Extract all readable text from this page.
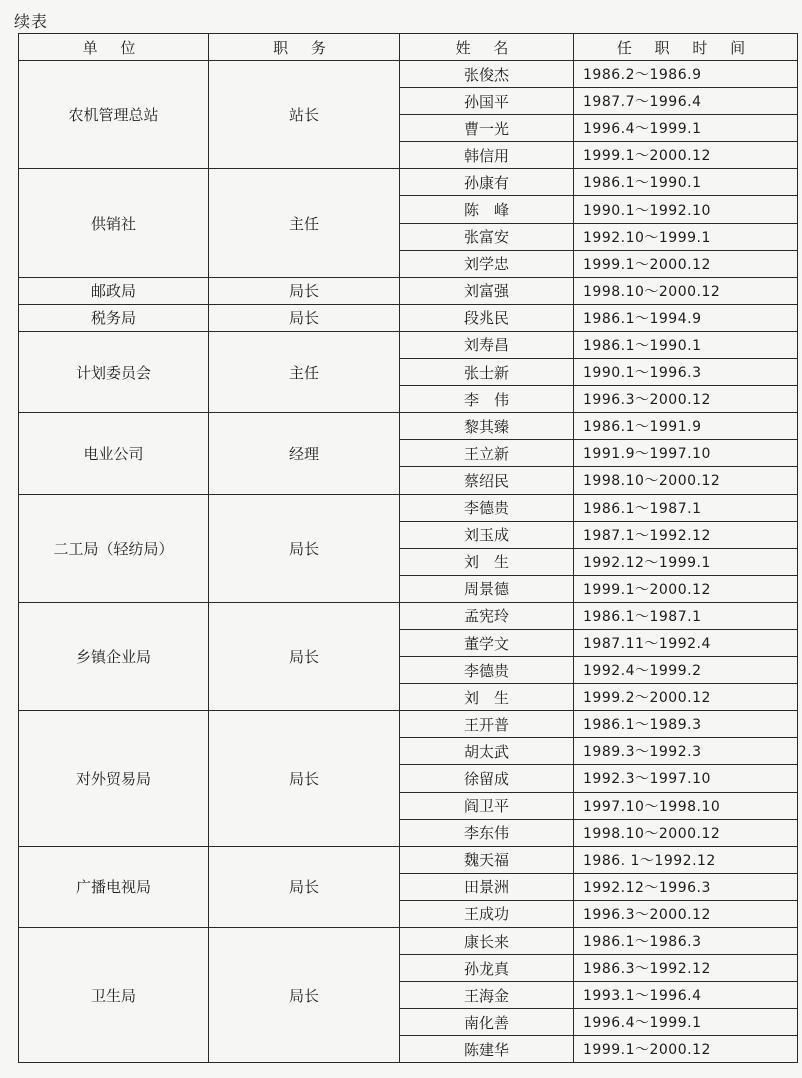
续表
单 位	职 务	姓 名	任 职 时 间
农机管理总站	站长	张俊杰	1986.2～1986.9
		孙国平	1987.7～1996.4
		曹一光	1996.4～1999.1
		韩信用	1999.1～2000.12
供销社	主任	孙康有	1986.1～1990.1
		陈　峰	1990.1～1992.10
		张富安	1992.10～1999.1
		刘学忠	1999.1～2000.12
邮政局	局长	刘富强	1998.10～2000.12
税务局	局长	段兆民	1986.1～1994.9
计划委员会	主任	刘寿昌	1986.1～1990.1
		张士新	1990.1～1996.3
		李　伟	1996.3～2000.12
电业公司	经理	黎其臻	1986.1～1991.9
		王立新	1991.9～1997.10
		蔡绍民	1998.10～2000.12
二工局（轻纺局）	局长	李德贵	1986.1～1987.1
		刘玉成	1987.1～1992.12
		刘　生	1992.12～1999.1
		周景德	1999.1～2000.12
乡镇企业局	局长	孟宪玲	1986.1～1987.1
		董学文	1987.11～1992.4
		李德贵	1992.4～1999.2
		刘　生	1999.2～2000.12
对外贸易局	局长	王开普	1986.1～1989.3
		胡太武	1989.3～1992.3
		徐留成	1992.3～1997.10
		阎卫平	1997.10～1998.10
		李东伟	1998.10～2000.12
广播电视局	局长	魏天福	1986. 1～1992.12
		田景洲	1992.12～1996.3
		王成功	1996.3～2000.12
卫生局	局长	康长来	1986.1～1986.3
		孙龙真	1986.3～1992.12
		王海金	1993.1～1996.4
		南化善	1996.4～1999.1
		陈建华	1999.1～2000.12
